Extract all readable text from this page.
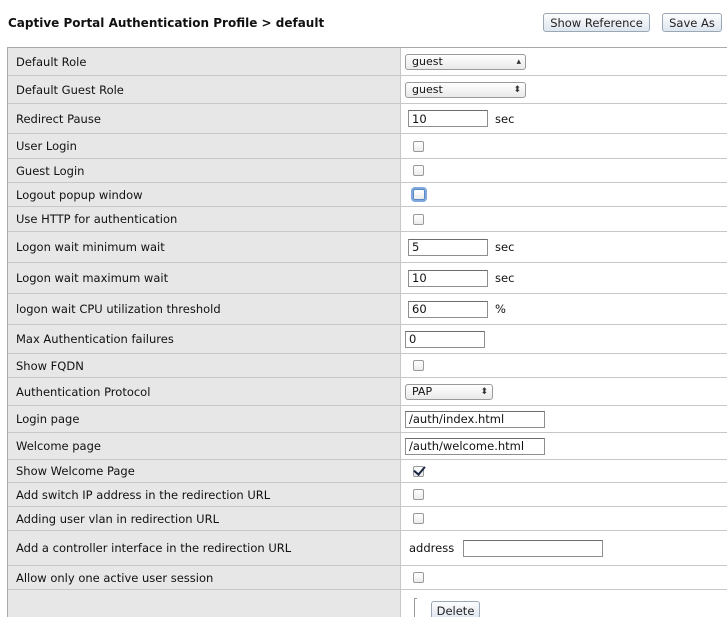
Captive Portal Authentication Profile > default	Show Reference	Save As
Default Role	guest	▴

Default Guest Role	guest	⬍
Redirect Pause	10	sec
User Login
Guest Login
Logout popup window
Use HTTP for authentication
Logon wait minimum wait	5	sec
Logon wait maximum wait	10	sec
logon wait CPU utilization threshold	60	%
Max Authentication failures	0
Show FQDN
Authentication Protocol	PAP	⬍
Login page	/auth/index.html
Welcome page	/auth/welcome.html
Show Welcome Page
Add switch IP address in the redirection URL
Adding user vlan in redirection URL
Add a controller interface in the redirection URL	address
Allow only one active user session
Delete
